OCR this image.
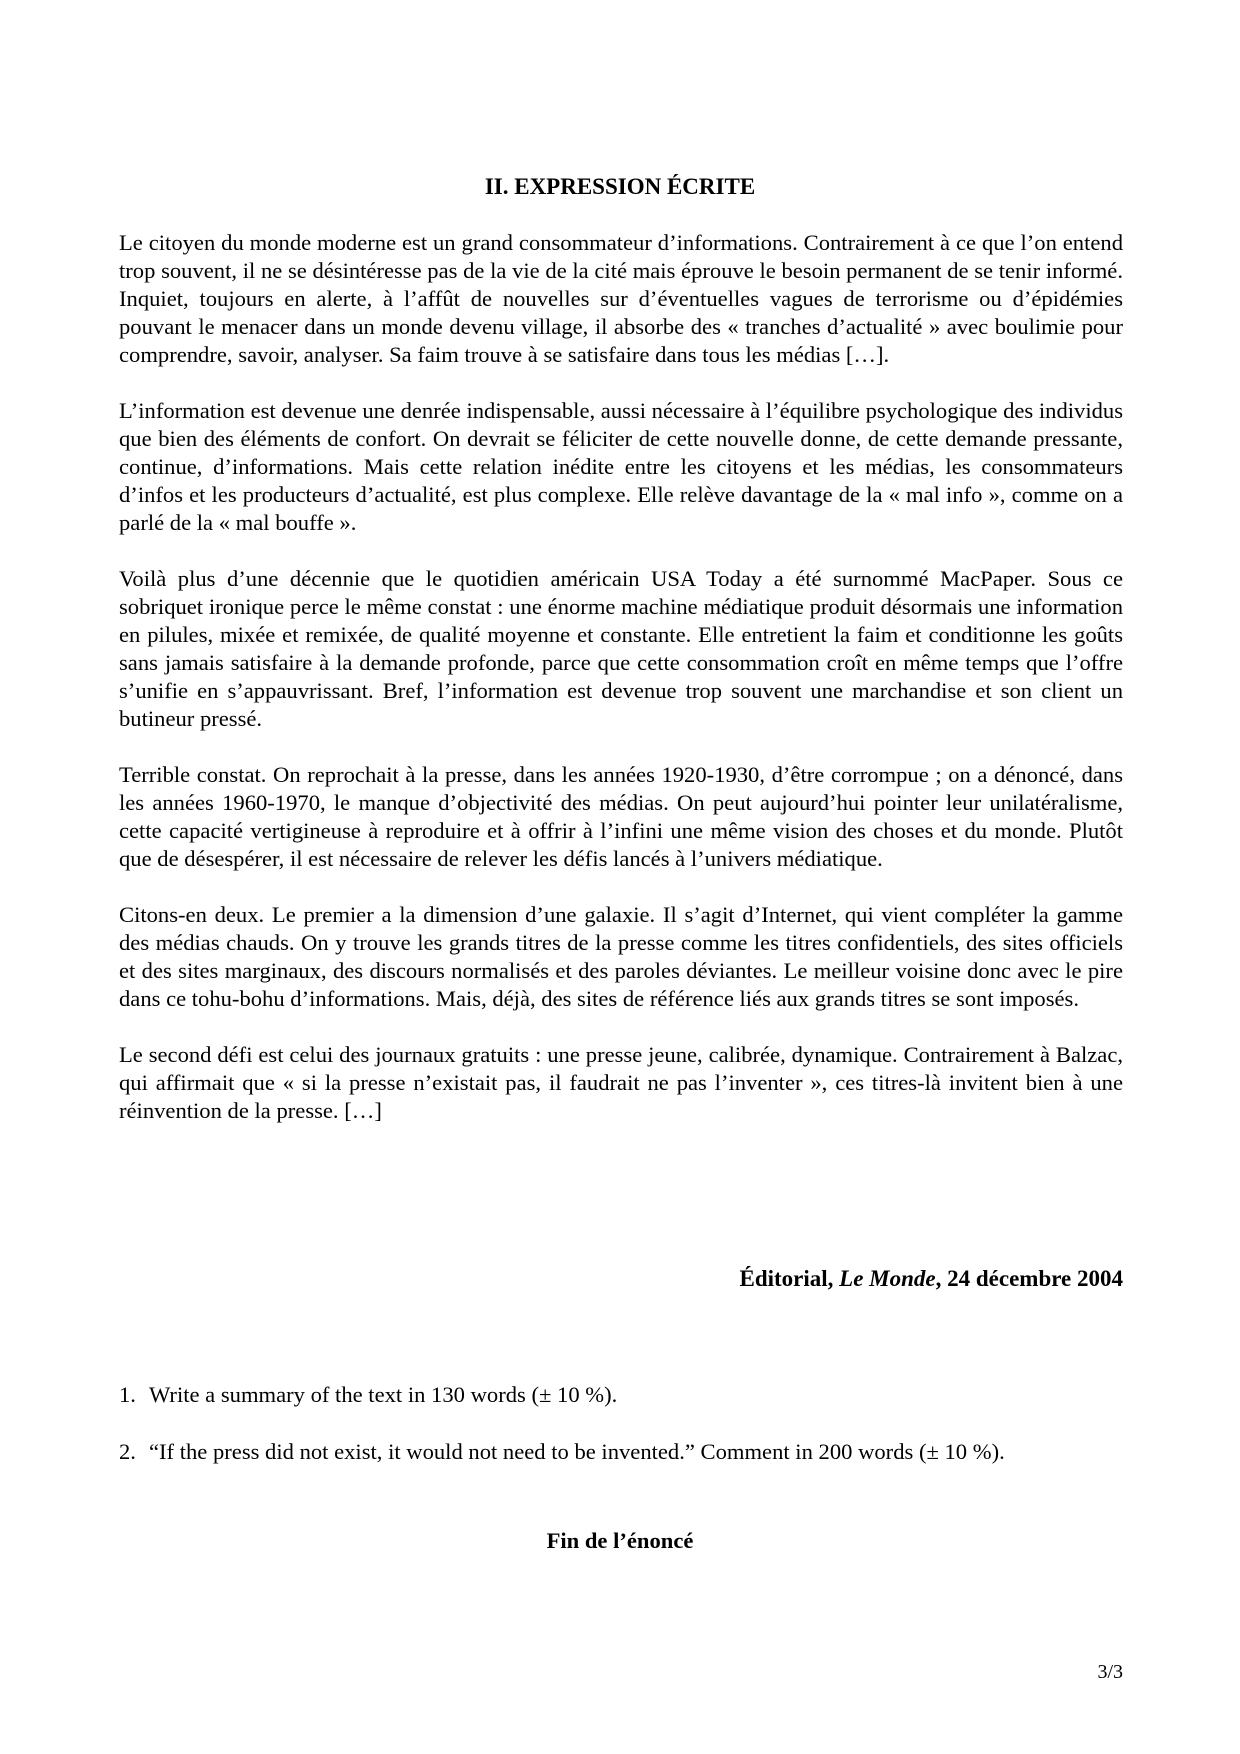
II. EXPRESSION ÉCRITE

Le citoyen du monde moderne est un grand consommateur d’informations. Contrairement à ce que l’on entend trop souvent, il ne se désintéresse pas de la vie de la cité mais éprouve le besoin permanent de se tenir informé. Inquiet, toujours en alerte, à l’affût de nouvelles sur d’éventuelles vagues de terrorisme ou d’épidémies pouvant le menacer dans un monde devenu village, il absorbe des « tranches d’actualité » avec boulimie pour comprendre, savoir, analyser. Sa faim trouve à se satisfaire dans tous les médias […].

L’information est devenue une denrée indispensable, aussi nécessaire à l’équilibre psychologique des individus que bien des éléments de confort. On devrait se féliciter de cette nouvelle donne, de cette demande pressante, continue, d’informations. Mais cette relation inédite entre les citoyens et les médias, les consommateurs d’infos et les producteurs d’actualité, est plus complexe. Elle relève davantage de la « mal info », comme on a parlé de la « mal bouffe ».

Voilà plus d’une décennie que le quotidien américain USA Today a été surnommé MacPaper. Sous ce sobriquet ironique perce le même constat : une énorme machine médiatique produit désormais une information en pilules, mixée et remixée, de qualité moyenne et constante. Elle entretient la faim et conditionne les goûts sans jamais satisfaire à la demande profonde, parce que cette consommation croît en même temps que l’offre s’unifie en s’appauvrissant. Bref, l’information est devenue trop souvent une marchandise et son client un butineur pressé.

Terrible constat. On reprochait à la presse, dans les années 1920-1930, d’être corrompue ; on a dénoncé, dans les années 1960-1970, le manque d’objectivité des médias. On peut aujourd’hui pointer leur unilatéralisme, cette capacité vertigineuse à reproduire et à offrir à l’infini une même vision des choses et du monde. Plutôt que de désespérer, il est nécessaire de relever les défis lancés à l’univers médiatique.

Citons-en deux. Le premier a la dimension d’une galaxie. Il s’agit d’Internet, qui vient compléter la gamme des médias chauds. On y trouve les grands titres de la presse comme les titres confidentiels, des sites officiels et des sites marginaux, des discours normalisés et des paroles déviantes. Le meilleur voisine donc avec le pire dans ce tohu-bohu d’informations. Mais, déjà, des sites de référence liés aux grands titres se sont imposés.

Le second défi est celui des journaux gratuits : une presse jeune, calibrée, dynamique. Contrairement à Balzac, qui affirmait que « si la presse n’existait pas, il faudrait ne pas l’inventer », ces titres-là invitent bien à une réinvention de la presse. […]

Éditorial, Le Monde, 24 décembre 2004

1. Write a summary of the text in 130 words (± 10 %).

2. “If the press did not exist, it would not need to be invented.” Comment in 200 words (± 10 %).

Fin de l’énoncé

3/3
